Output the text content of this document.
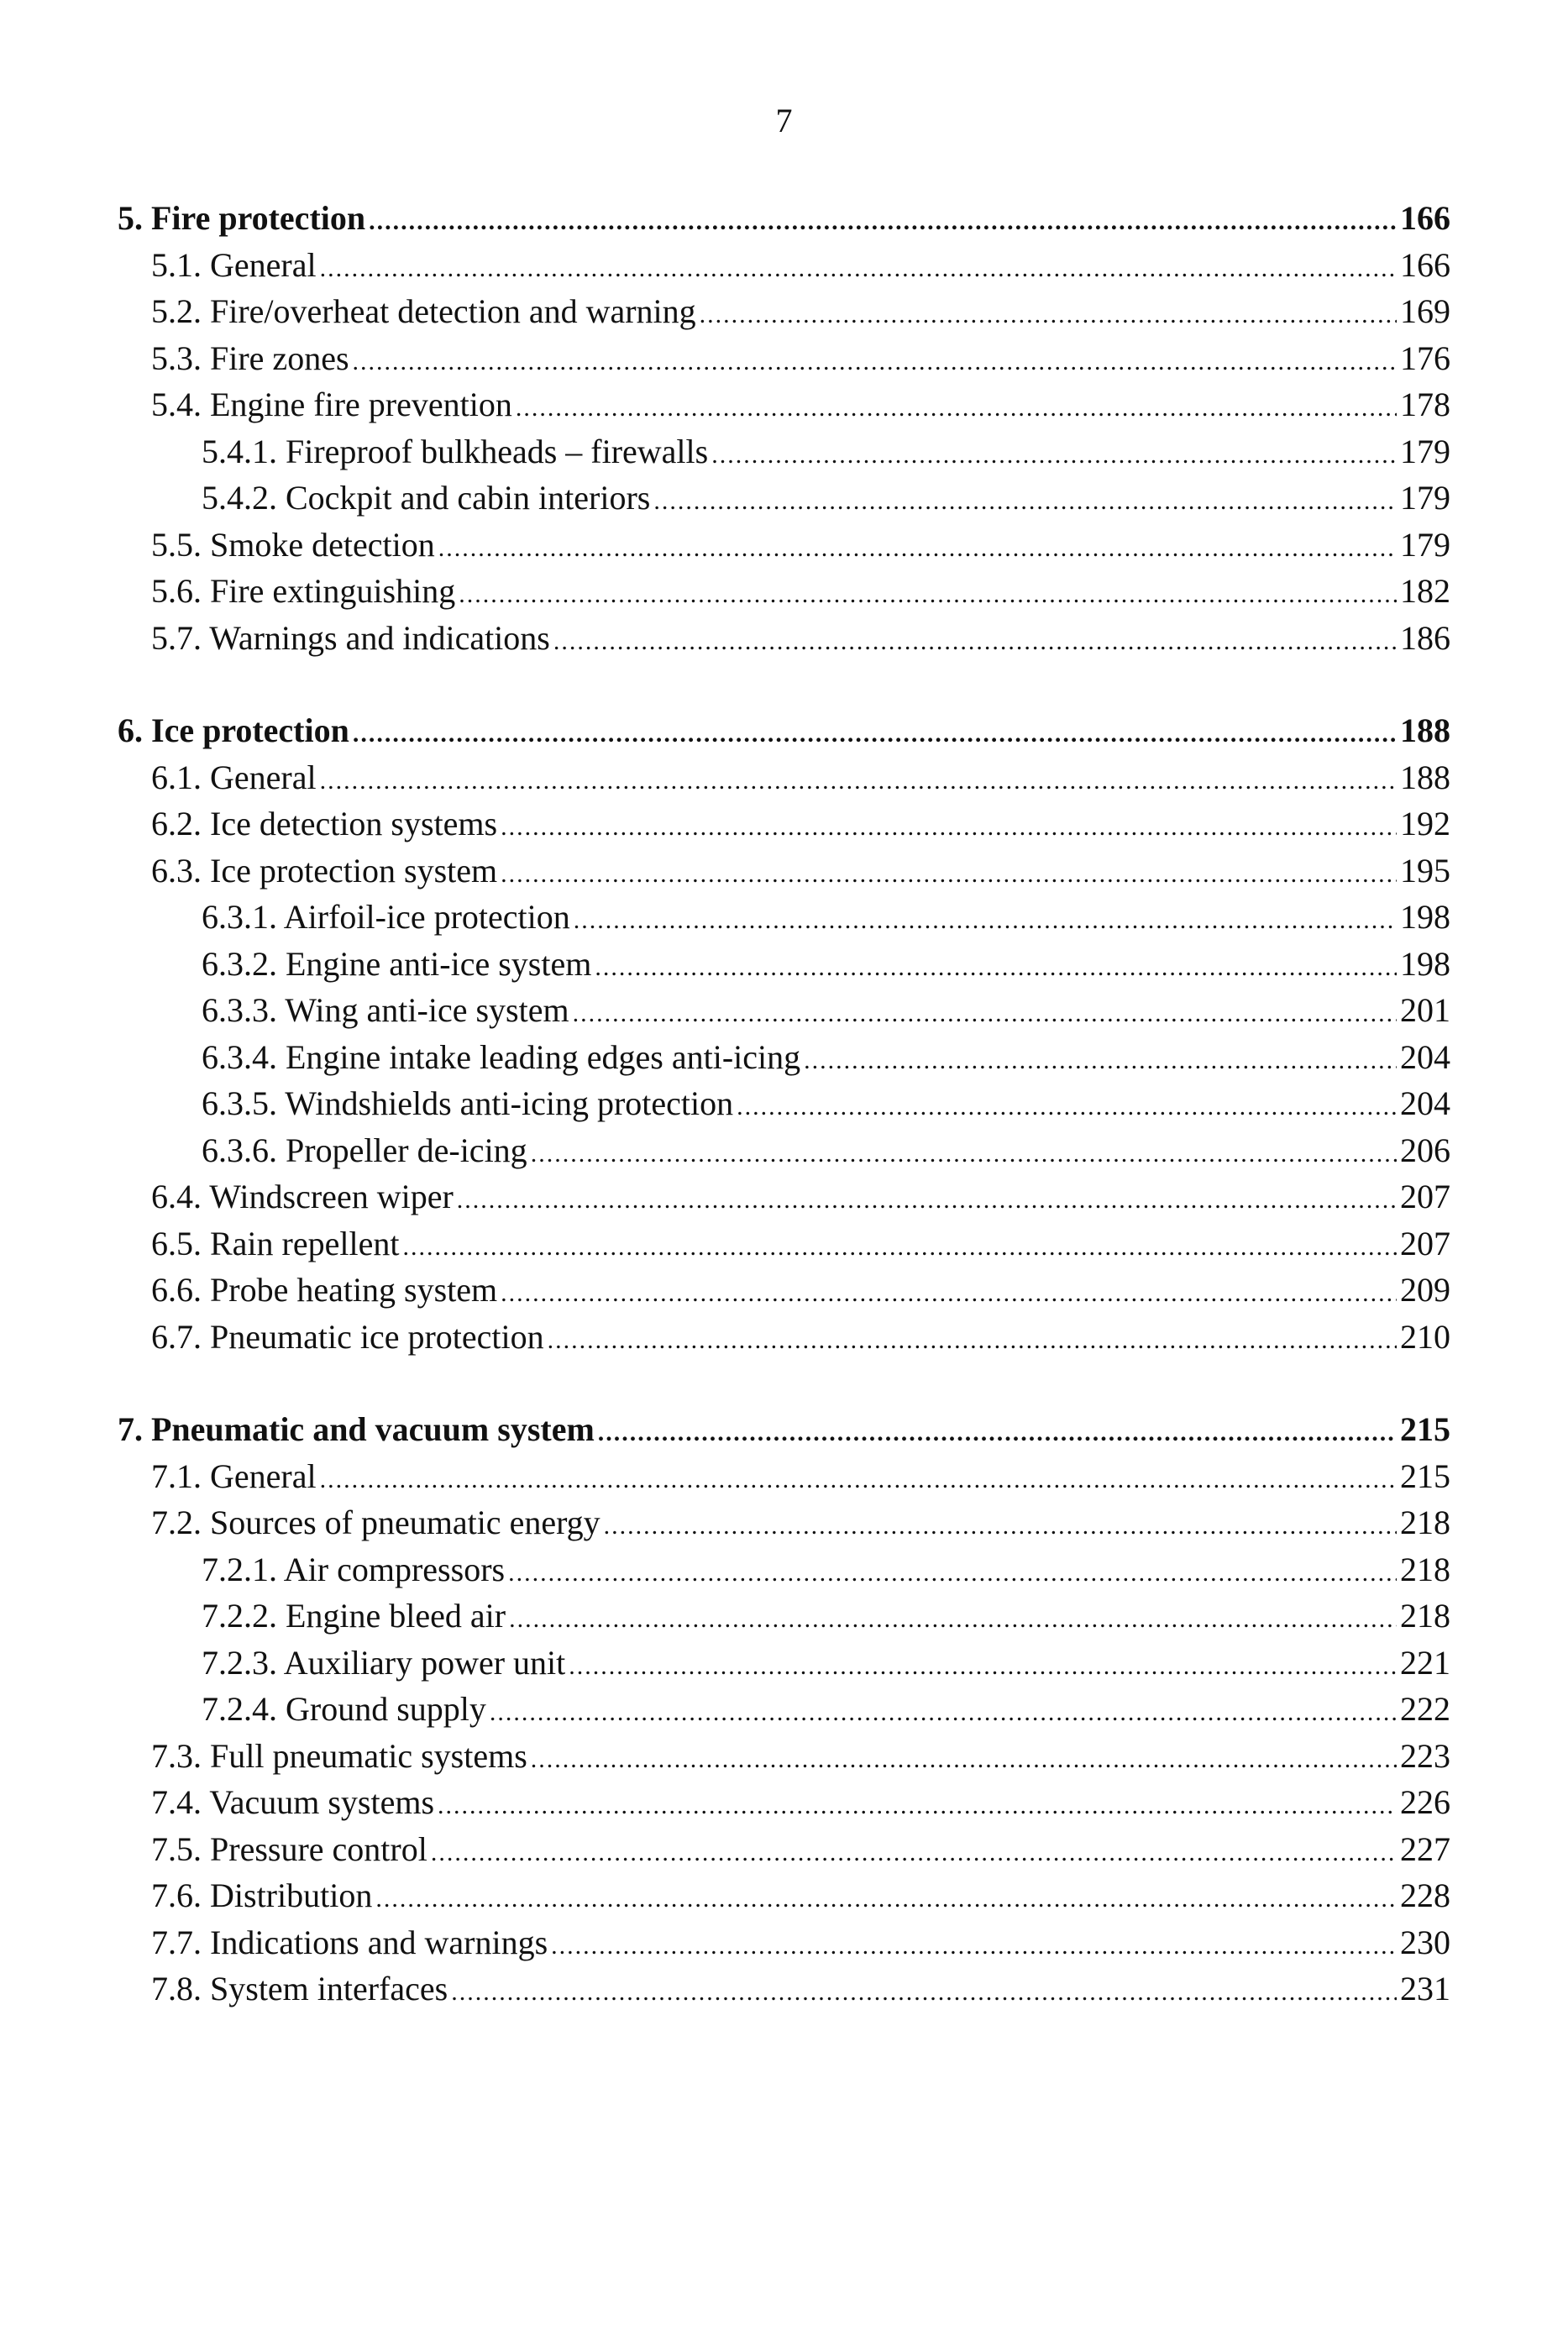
7
5. Fire protection .....	166
5.1. General .....	166
5.2. Fire/overheat detection and warning .....	169
5.3. Fire zones .....	176
5.4. Engine fire prevention .....	178
5.4.1. Fireproof bulkheads – firewalls .....	179
5.4.2. Cockpit and cabin interiors .....	179
5.5. Smoke detection .....	179
5.6. Fire extinguishing .....	182
5.7. Warnings and indications .....	186
6. Ice protection .....	188
6.1. General .....	188
6.2. Ice detection systems .....	192
6.3. Ice protection system .....	195
6.3.1. Airfoil-ice protection .....	198
6.3.2. Engine anti-ice system .....	198
6.3.3. Wing anti-ice system .....	201
6.3.4. Engine intake leading edges anti-icing .....	204
6.3.5. Windshields anti-icing protection .....	204
6.3.6. Propeller de-icing .....	206
6.4. Windscreen wiper .....	207
6.5. Rain repellent .....	207
6.6. Probe heating system .....	209
6.7. Pneumatic ice protection .....	210
7. Pneumatic and vacuum system .....	215
7.1. General .....	215
7.2. Sources of pneumatic energy .....	218
7.2.1. Air compressors .....	218
7.2.2. Engine bleed air .....	218
7.2.3. Auxiliary power unit .....	221
7.2.4. Ground supply .....	222
7.3. Full pneumatic systems .....	223
7.4. Vacuum systems .....	226
7.5. Pressure control .....	227
7.6. Distribution .....	228
7.7. Indications and warnings .....	230
7.8. System interfaces .....	231
